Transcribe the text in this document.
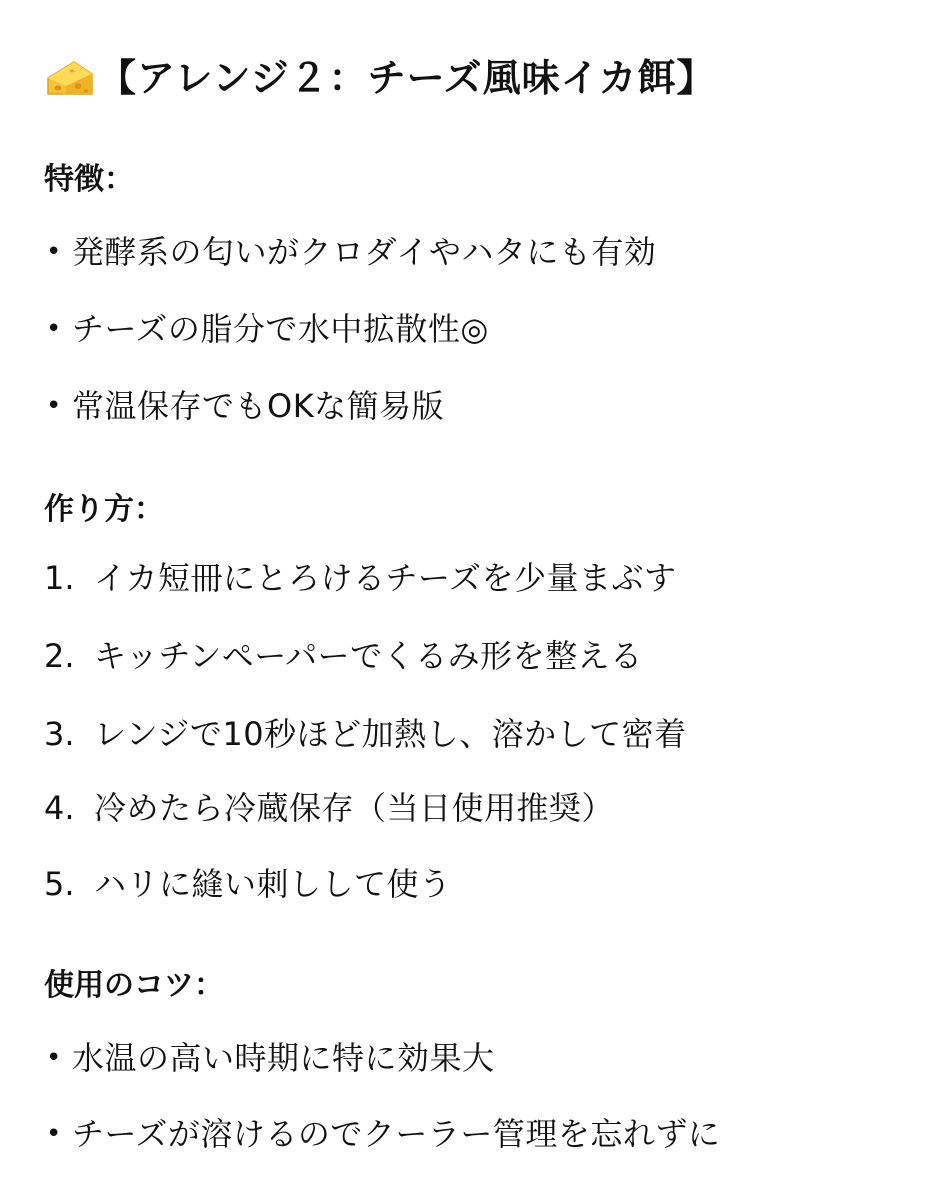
【アレンジ２：チーズ風味イカ餌】
特徴：
• 発酵系の匂いがクロダイやハタにも有効
• チーズの脂分で水中拡散性◎
• 常温保存でもOKな簡易版
作り方：
1. イカ短冊にとろけるチーズを少量まぶす
2. キッチンペーパーでくるみ形を整える
3. レンジで10秒ほど加熱し、溶かして密着
4. 冷めたら冷蔵保存（当日使用推奨）
5. ハリに縫い刺しして使う
使用のコツ：
• 水温の高い時期に特に効果大
• チーズが溶けるのでクーラー管理を忘れずに
